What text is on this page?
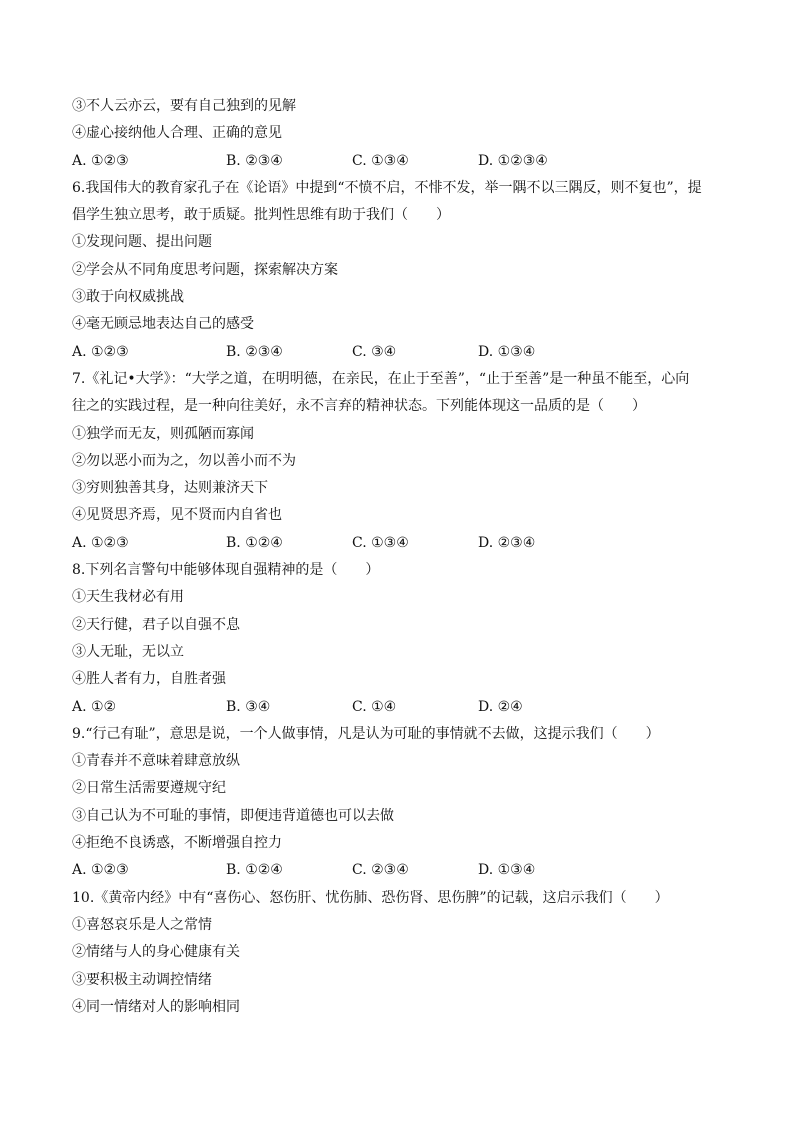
③不人云亦云，要有自己独到的见解
④虚心接纳他人合理、正确的意见
A. ①②③	B. ②③④	C. ①③④	D. ①②③④
6.我国伟大的教育家孔子在《论语》中提到“不愤不启，不悱不发，举一隅不以三隅反，则不复也”，提
倡学生独立思考，敢于质疑。批判性思维有助于我们（　　）
①发现问题、提出问题
②学会从不同角度思考问题，探索解决方案
③敢于向权威挑战
④毫无顾忌地表达自己的感受
A. ①②③	B. ②③④	C. ③④	D. ①③④
7.《礼记•大学》：“大学之道，在明明德，在亲民，在止于至善”，“止于至善”是一种虽不能至，心向
往之的实践过程，是一种向往美好，永不言弃的精神状态。下列能体现这一品质的是（　　）
①独学而无友，则孤陋而寡闻
②勿以恶小而为之，勿以善小而不为
③穷则独善其身，达则兼济天下
④见贤思齐焉，见不贤而内自省也
A. ①②③	B. ①②④	C. ①③④	D. ②③④
8.下列名言警句中能够体现自强精神的是（　　）
①天生我材必有用
②天行健，君子以自强不息
③人无耻，无以立
④胜人者有力，自胜者强
A. ①②	B. ③④	C. ①④	D. ②④
9.“行己有耻”，意思是说，一个人做事情，凡是认为可耻的事情就不去做，这提示我们（　　）
①青春并不意味着肆意放纵
②日常生活需要遵规守纪
③自己认为不可耻的事情，即便违背道德也可以去做
④拒绝不良诱惑，不断增强自控力
A. ①②③	B. ①②④	C. ②③④	D. ①③④
10.《黄帝内经》中有“喜伤心、怒伤肝、忧伤肺、恐伤肾、思伤脾”的记载，这启示我们（　　）
①喜怒哀乐是人之常情
②情绪与人的身心健康有关
③要积极主动调控情绪
④同一情绪对人的影响相同
